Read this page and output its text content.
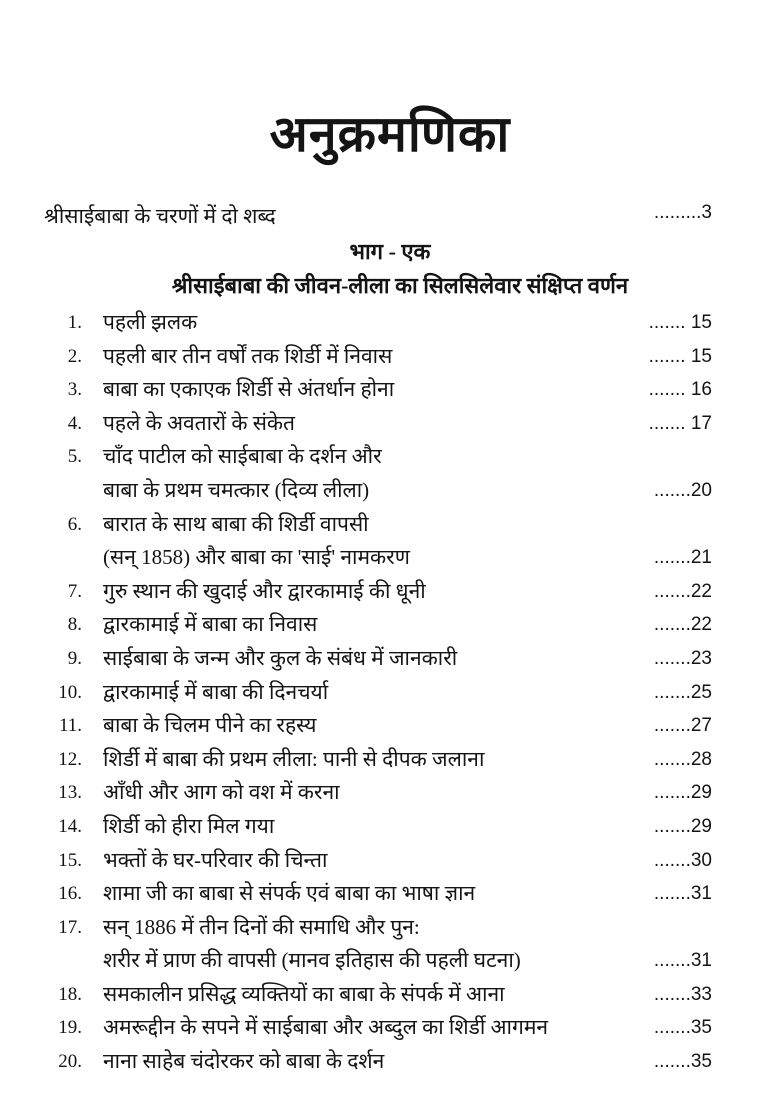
अनुक्रमणिका
श्रीसाईबाबा के चरणों में दो शब्द	.........3
भाग - एक
श्रीसाईबाबा की जीवन-लीला का सिलसिलेवार संक्षिप्त वर्णन
1. पहली झलक	....... 15
2. पहली बार तीन वर्षों तक शिर्डी में निवास	....... 15
3. बाबा का एकाएक शिर्डी से अंतर्धान होना	....... 16
4. पहले के अवतारों के संकेत	....... 17
5. चाँद पाटील को साईबाबा के दर्शन और
बाबा के प्रथम चमत्कार (दिव्य लीला)	.......20
6. बारात के साथ बाबा की शिर्डी वापसी
(सन् 1858) और बाबा का 'साई' नामकरण	.......21
7. गुरु स्थान की खुदाई और द्वारकामाई की धूनी	.......22
8. द्वारकामाई में बाबा का निवास	.......22
9. साईबाबा के जन्म और कुल के संबंध में जानकारी	.......23
10. द्वारकामाई में बाबा की दिनचर्या	.......25
11. बाबा के चिलम पीने का रहस्य	.......27
12. शिर्डी में बाबा की प्रथम लीला: पानी से दीपक जलाना	.......28
13. आँधी और आग को वश में करना	.......29
14. शिर्डी को हीरा मिल गया	.......29
15. भक्तों के घर-परिवार की चिन्ता	.......30
16. शामा जी का बाबा से संपर्क एवं बाबा का भाषा ज्ञान	.......31
17. सन् 1886 में तीन दिनों की समाधि और पुन:
शरीर में प्राण की वापसी (मानव इतिहास की पहली घटना)	.......31
18. समकालीन प्रसिद्ध व्यक्तियों का बाबा के संपर्क में आना	.......33
19. अमरूद्दीन के सपने में साईबाबा और अब्दुल का शिर्डी आगमन	.......35
20. नाना साहेब चंदोरकर को बाबा के दर्शन	.......35
